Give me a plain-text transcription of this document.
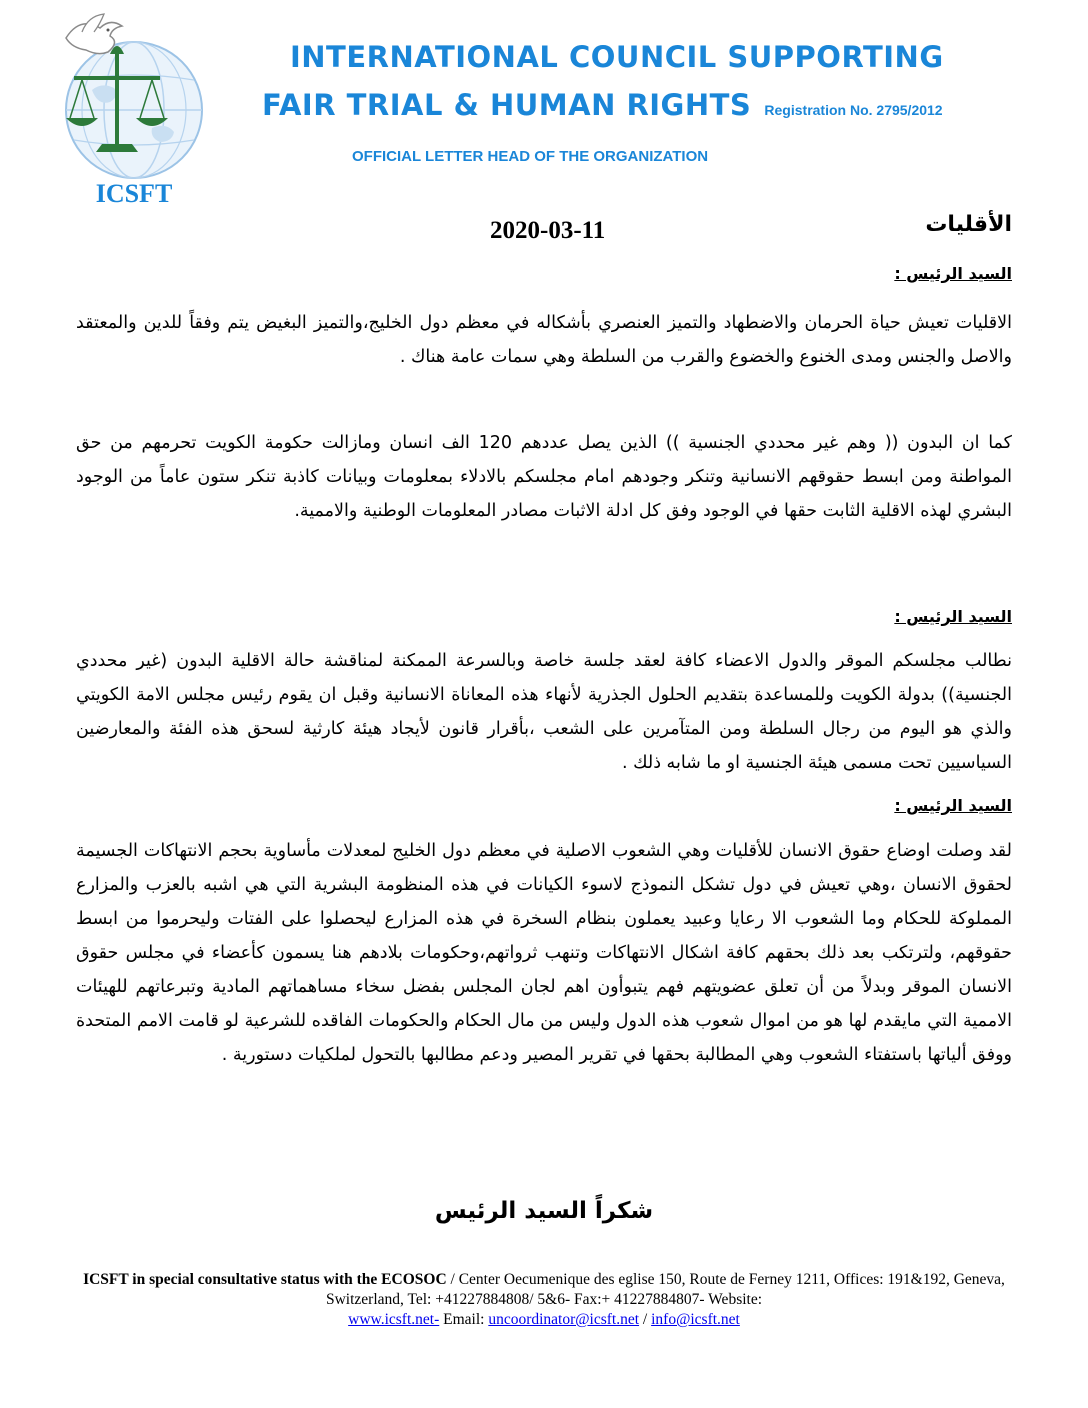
ICSFT
INTERNATIONAL COUNCIL SUPPORTING
FAIR TRIAL & HUMAN RIGHTS Registration No. 2795/2012
OFFICIAL LETTER HEAD OF THE ORGANIZATION
2020-03-11	الأقليات
السيد الرئيس :

الاقليات تعيش حياة الحرمان والاضطهاد والتميز العنصري بأشكاله في معظم دول الخليج،والتميز البغيض يتم وفقاً للدين والمعتقد والاصل والجنس ومدى الخنوع والخضوع والقرب من السلطة وهي سمات عامة هناك .

كما ان البدون (( وهم غير محددي الجنسية )) الذين يصل عددهم 120 الف انسان ومازالت حكومة الكويت تحرمهم من حق المواطنة ومن ابسط حقوقهم الانسانية وتنكر وجودهم امام مجلسكم بالادلاء بمعلومات وبيانات كاذبة تنكر ستون عاماً من الوجود البشري لهذه الاقلية الثابت حقها في الوجود وفق كل ادلة الاثبات مصادر المعلومات الوطنية والاممية.

السيد الرئيس :

نطالب مجلسكم الموقر والدول الاعضاء كافة لعقد جلسة خاصة وبالسرعة الممكنة لمناقشة حالة الاقلية البدون (غير محددي الجنسية)) بدولة الكويت وللمساعدة بتقديم الحلول الجذرية لأنهاء هذه المعاناة الانسانية وقبل ان يقوم رئيس مجلس الامة الكويتي والذي هو اليوم من رجال السلطة ومن المتآمرين على الشعب ،بأقرار قانون لأيجاد هيئة كارثية لسحق هذه الفئة والمعارضين السياسيين تحت مسمى هيئة الجنسية او ما شابه ذلك .

السيد الرئيس :

لقد وصلت اوضاع حقوق الانسان للأقليات وهي الشعوب الاصلية في معظم دول الخليج لمعدلات مأساوية بحجم الانتهاكات الجسيمة لحقوق الانسان ،وهي تعيش في دول تشكل النموذج لاسوء الكيانات في هذه المنظومة البشرية التي هي اشبه بالعزب والمزارع المملوكة للحكام وما الشعوب الا رعايا وعبيد يعملون بنظام السخرة في هذه المزارع ليحصلوا على الفتات وليحرموا من ابسط حقوقهم، ولترتكب بعد ذلك بحقهم كافة اشكال الانتهاكات وتنهب ثرواتهم،وحكومات بلادهم هنا يسمون كأعضاء في مجلس حقوق الانسان الموقر وبدلاً من أن تعلق عضويتهم فهم يتبوأون اهم لجان المجلس بفضل سخاء مساهماتهم المادية وتبرعاتهم للهيئات الاممية التي مايقدم لها هو من اموال شعوب هذه الدول وليس من مال الحكام والحكومات الفاقده للشرعية لو قامت الامم المتحدة ووفق ألياتها باستفتاء الشعوب وهي المطالبة بحقها في تقرير المصير ودعم مطالبها بالتحول لملكيات دستورية .

شكراً السيد الرئيس
ICSFT in special consultative status with the ECOSOC / Center Oecumenique des eglise 150, Route de Ferney 1211, Offices: 191&192, Geneva, Switzerland, Tel: +41227884808/ 5&6- Fax:+ 41227884807- Website:
www.icsft.net- Email: uncoordinator@icsft.net / info@icsft.net
